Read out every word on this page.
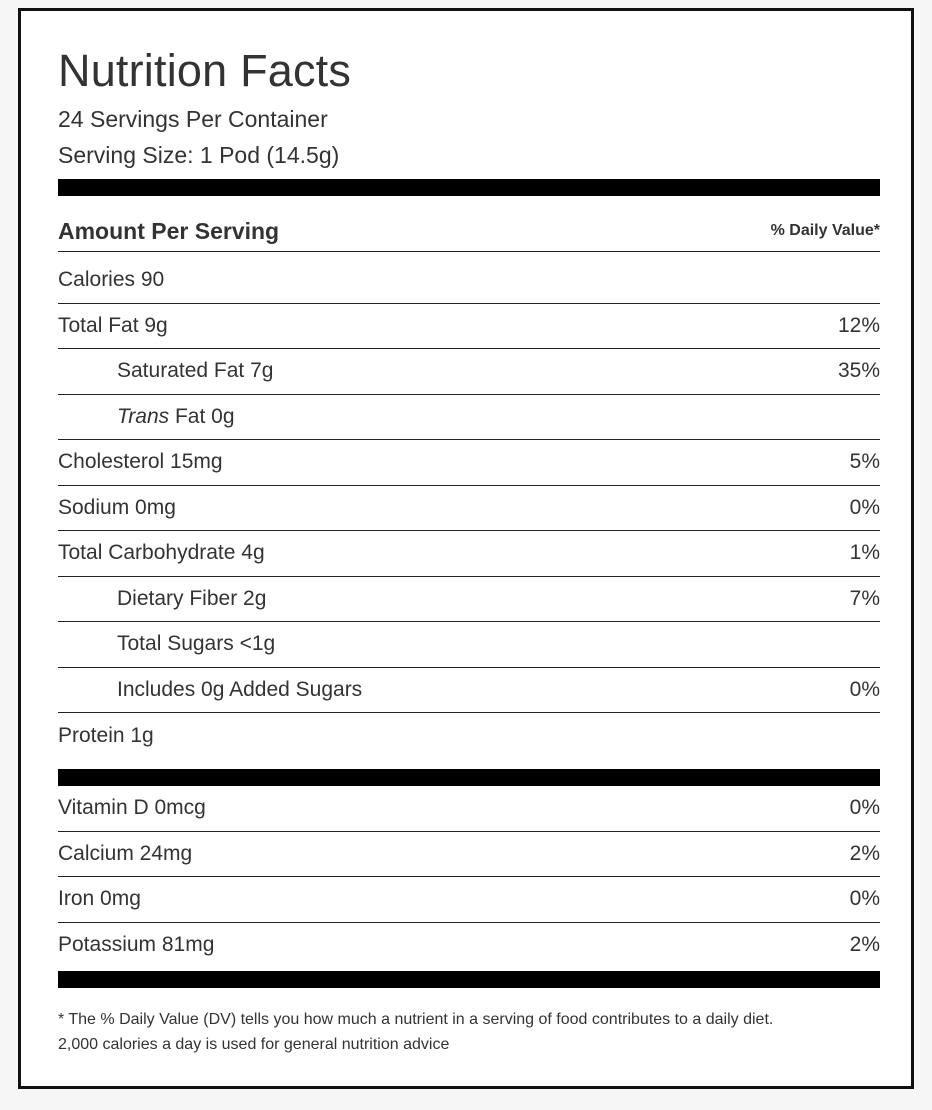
Nutrition Facts
24 Servings Per Container
Serving Size: 1 Pod (14.5g)
Amount Per Serving	% Daily Value*
Calories 90
Total Fat 9g	12%
Saturated Fat 7g	35%
Trans Fat 0g
Cholesterol 15mg	5%
Sodium 0mg	0%
Total Carbohydrate 4g	1%
Dietary Fiber 2g	7%
Total Sugars <1g
Includes 0g Added Sugars	0%
Protein 1g
Vitamin D 0mcg	0%
Calcium 24mg	2%
Iron 0mg	0%
Potassium 81mg	2%
* The % Daily Value (DV) tells you how much a nutrient in a serving of food contributes to a daily diet.
2,000 calories a day is used for general nutrition advice
